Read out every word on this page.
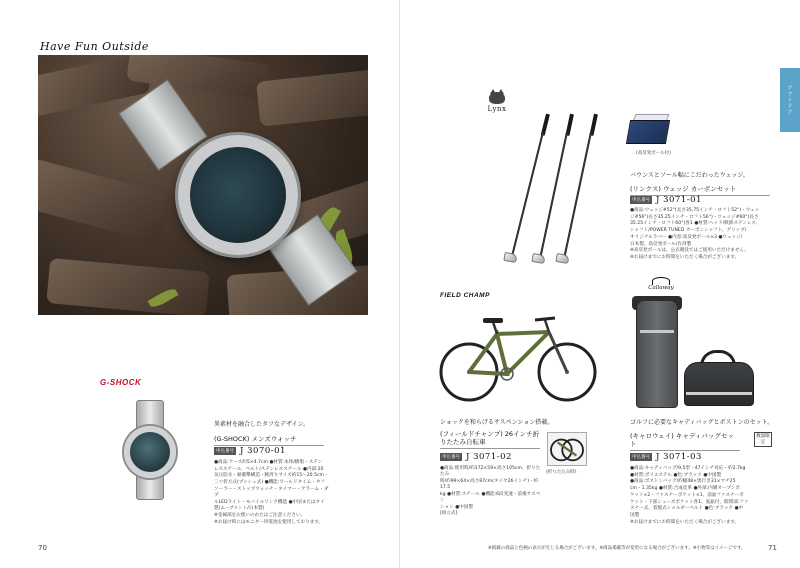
Have Fun Outside
G-SHOCK
異素材を融合したタフなデザイン。
(G-SHOCK) メンズウォッチ
申込番号 J 3070-01
●商品:ケース約5×4.7cm ●材質:本体/樹脂・ステン
レススチール、ベルト/ステンレススチール ●内部:20
気圧防水・耐衝撃構造・腕周りサイズ約15〜20.5cm・
三ツ折方式(プッシュ式) ●機能:ワールドタイム・タフ
ソーラー・ストップウォッチ・タイマー・アラーム・ダブ
ルLEDライト・モバイルリンク機能 ●中国またはタイ
製(ムーブメント/日本製)
※金属部をお使いのかたはご注意ください。
※お届け時にはモニター用電池を使用しております。
70
アウトドア
Lynx
(高反発ボール付)
バウンスとソール幅にこだわったウェッジ。
(リンクス) ウェッジ カーボンセット
申込番号 J 3071-01
●商品:ウェッジ#52°(長さ35.75インチ・ロフト52°)・ウェッ
ジ#56°(長さ35.25インチ・ロフト56°)・ウェッジ#60°(長さ
35.25インチ・ロフト60°)各1 ●材質:ヘッド/軟鉄ステンレス、
シャフト/POWER TUNED カーボンシャフト、グリップ/
オリジナルラバー ●内容:高反発ボール×3 ●ウェッジ/
日本製、高反発ボール/台湾製
※高反発ボールは、公式競技ではご使用いただけません。
※お届けまでにお時間をいただく場合がございます。
FIELD CHAMP
ショックを和らげるサスペンション搭載。
(フィールドチャンプ) 26インチ折りたたみ自転車
申込番号 J 3071-02
●商品:使用時/約172×59×高さ105cm、折りたたみ
時/約99×64×高さ87cm(タイヤ26インチ)・約17.5
kg ●材質:スチール ●機能:6段変速・前後サスペン
ション ●中国製
[組立式]
(折りたたみ時)
Callaway
ゴルフに必要なキャディバッグとボストンのセット。
(キャロウェイ) キャディバッグセット
数量限定
申込番号 J 3071-03
●商品:キャディバッグ/9.5型・47インチ対応・約2.7kg
●材質:ポリエステル ●色:ブラック ●中国製
●商品:ボストンバッグ/約幅48×奥行き31×マチ25
cm・1.35kg ●材質:合成皮革 ●外部:内側オープンポ
ケット×2・ファスナーポケット×1、前面ファスナーポ
ケット・下部シューズポケット各1、底鋲付、開閉部:ファ
スナー式、着脱式ショルダーベルト ●色:ブラック ●中
国製
※お届けまでにお時間をいただく場合がございます。
※掲載の商品と色柄の表示が生じる場合がございます。※商品掲載等が変更になる場合がございます。※小物等はイメージです。	71
